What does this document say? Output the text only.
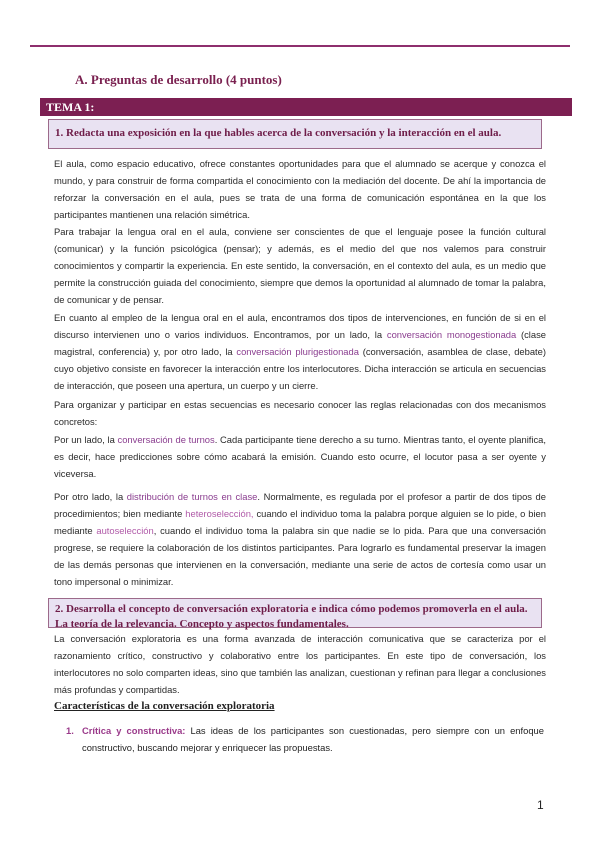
A. Preguntas de desarrollo (4 puntos)
TEMA 1:
1. Redacta una exposición en la que hables acerca de la conversación y la interacción en el aula.
El aula, como espacio educativo, ofrece constantes oportunidades para que el alumnado se acerque y conozca el mundo, y para construir de forma compartida el conocimiento con la mediación del docente. De ahí la importancia de reforzar la conversación en el aula, pues se trata de una forma de comunicación espontánea en la que los participantes mantienen una relación simétrica.
Para trabajar la lengua oral en el aula, conviene ser conscientes de que el lenguaje posee la función cultural (comunicar) y la función psicológica (pensar); y además, es el medio del que nos valemos para construir conocimientos y compartir la experiencia. En este sentido, la conversación, en el contexto del aula, es un medio que permite la construcción guiada del conocimiento, siempre que demos la oportunidad al alumnado de tomar la palabra, de comunicar y de pensar.
En cuanto al empleo de la lengua oral en el aula, encontramos dos tipos de intervenciones, en función de si en el discurso intervienen uno o varios individuos. Encontramos, por un lado, la conversación monogestionada (clase magistral, conferencia) y, por otro lado, la conversación plurigestionada (conversación, asamblea de clase, debate) cuyo objetivo consiste en favorecer la interacción entre los interlocutores. Dicha interacción se articula en secuencias de interacción, que poseen una apertura, un cuerpo y un cierre.
Para organizar y participar en estas secuencias es necesario conocer las reglas relacionadas con dos mecanismos concretos:
Por un lado, la conversación de turnos. Cada participante tiene derecho a su turno. Mientras tanto, el oyente planifica, es decir, hace predicciones sobre cómo acabará la emisión. Cuando esto ocurre, el locutor pasa a ser oyente y viceversa.
Por otro lado, la distribución de turnos en clase. Normalmente, es regulada por el profesor a partir de dos tipos de procedimientos; bien mediante heteroselección, cuando el individuo toma la palabra porque alguien se lo pide, o bien mediante autoselección, cuando el individuo toma la palabra sin que nadie se lo pida. Para que una conversación progrese, se requiere la colaboración de los distintos participantes. Para lograrlo es fundamental preservar la imagen de las demás personas que intervienen en la conversación, mediante una serie de actos de cortesía como usar un tono impersonal o minimizar.
2. Desarrolla el concepto de conversación exploratoria e indica cómo podemos promoverla en el aula. La teoría de la relevancia. Concepto y aspectos fundamentales.
La conversación exploratoria es una forma avanzada de interacción comunicativa que se caracteriza por el razonamiento crítico, constructivo y colaborativo entre los participantes. En este tipo de conversación, los interlocutores no solo comparten ideas, sino que también las analizan, cuestionan y refinan para llegar a conclusiones más profundas y compartidas.
Características de la conversación exploratoria
1. Crítica y constructiva: Las ideas de los participantes son cuestionadas, pero siempre con un enfoque constructivo, buscando mejorar y enriquecer las propuestas.
1
